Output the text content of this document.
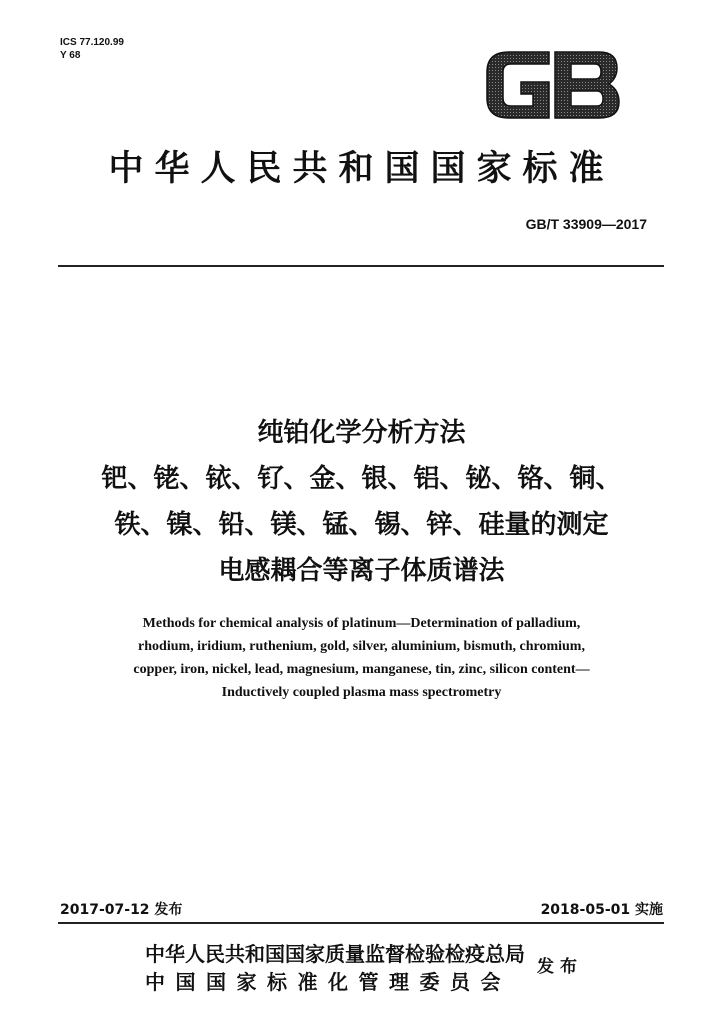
ICS 77.120.99
Y 68
中华人民共和国国家标准
GB/T 33909—2017
纯铂化学分析方法
钯、铑、铱、钌、金、银、铝、铋、铬、铜、
铁、镍、铅、镁、锰、锡、锌、硅量的测定
电感耦合等离子体质谱法
Methods for chemical analysis of platinum—Determination of palladium,
rhodium, iridium, ruthenium, gold, silver, aluminium, bismuth, chromium,
copper, iron, nickel, lead, magnesium, manganese, tin, zinc, silicon content—
Inductively coupled plasma mass spectrometry
2017-07-12 发布	2018-05-01 实施
中华人民共和国国家质量监督检验检疫总局
中国国家标准化管理委员会
发布
